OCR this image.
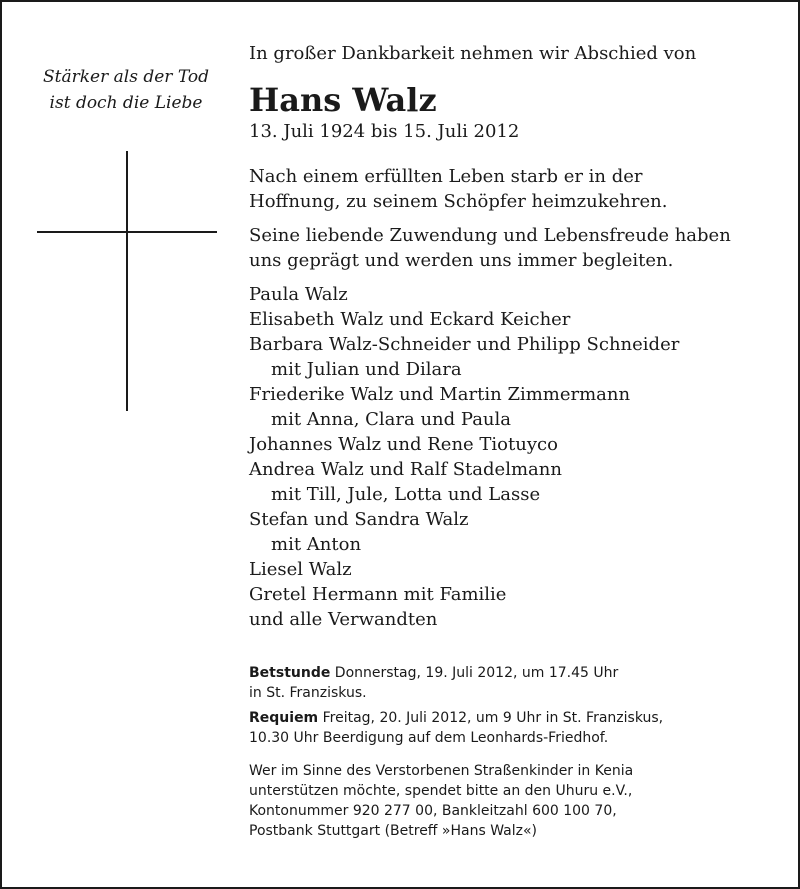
Stärker als der Tod
ist doch die Liebe

In großer Dankbarkeit nehmen wir Abschied von

Hans Walz

13. Juli 1924 bis 15. Juli 2012

Nach einem erfüllten Leben starb er in der
Hoffnung, zu seinem Schöpfer heimzukehren.

Seine liebende Zuwendung und Lebensfreude haben
uns geprägt und werden uns immer begleiten.

Paula Walz
Elisabeth Walz und Eckard Keicher
Barbara Walz-Schneider und Philipp Schneider
mit Julian und Dilara
Friederike Walz und Martin Zimmermann
mit Anna, Clara und Paula
Johannes Walz und Rene Tiotuyco
Andrea Walz und Ralf Stadelmann
mit Till, Jule, Lotta und Lasse
Stefan und Sandra Walz
mit Anton
Liesel Walz
Gretel Hermann mit Familie
und alle Verwandten

Betstunde Donnerstag, 19. Juli 2012, um 17.45 Uhr
in St. Franziskus.

Requiem Freitag, 20. Juli 2012, um 9 Uhr in St. Franziskus,
10.30 Uhr Beerdigung auf dem Leonhards-Friedhof.

Wer im Sinne des Verstorbenen Straßenkinder in Kenia
unterstützen möchte, spendet bitte an den Uhuru e.V.,
Kontonummer 920 277 00, Bankleitzahl 600 100 70,
Postbank Stuttgart (Betreff »Hans Walz«)
